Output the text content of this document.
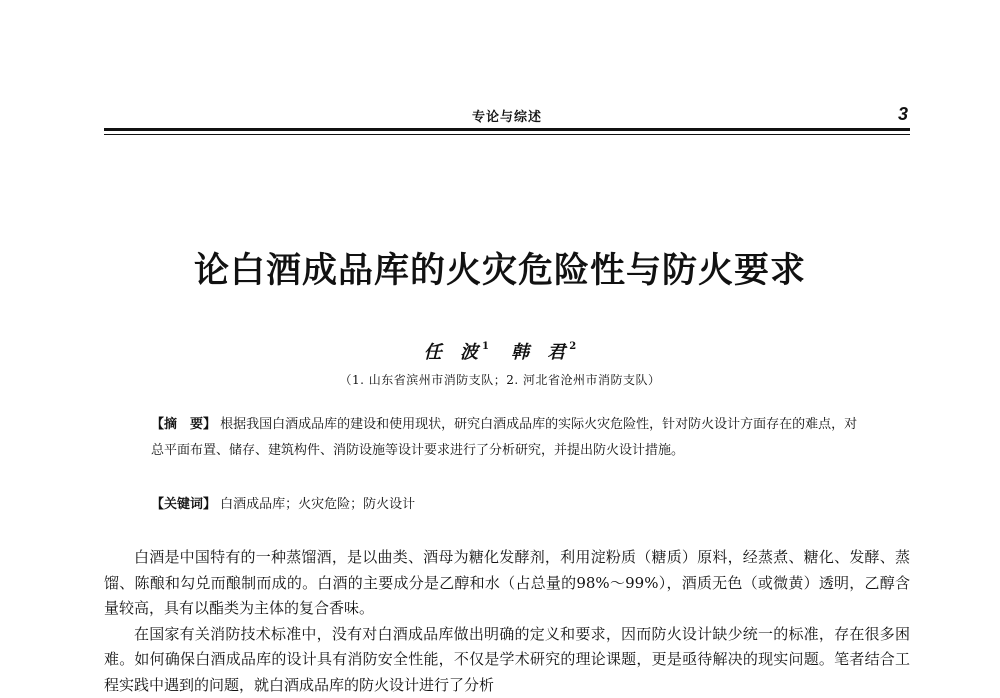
专论与综述	3
论白酒成品库的火灾危险性与防火要求
任 波$^1$ 韩 君$^2$
（1. 山东省滨州市消防支队；2. 河北省沧州市消防支队）
【摘　要】 根据我国白酒成品库的建设和使用现状，研究白酒成品库的实际火灾危险性，针对防火设计方面存在的难点，对总平面布置、储存、建筑构件、消防设施等设计要求进行了分析研究，并提出防火设计措施。
【关键词】 白酒成品库；火灾危险；防火设计

白酒是中国特有的一种蒸馏酒，是以曲类、酒母为糖化发酵剂，利用淀粉质（糖质）原料，经蒸煮、糖化、发酵、蒸馏、陈酿和勾兑而酿制而成的。白酒的主要成分是乙醇和水（占总量的98%～99%），酒质无色（或微黄）透明，乙醇含量较高，具有以酯类为主体的复合香味。

在国家有关消防技术标准中，没有对白酒成品库做出明确的定义和要求，因而防火设计缺少统一的标准，存在很多困难。如何确保白酒成品库的设计具有消防安全性能，不仅是学术研究的理论课题，更是亟待解决的现实问题。笔者结合工程实践中遇到的问题，就白酒成品库的防火设计进行了分析
